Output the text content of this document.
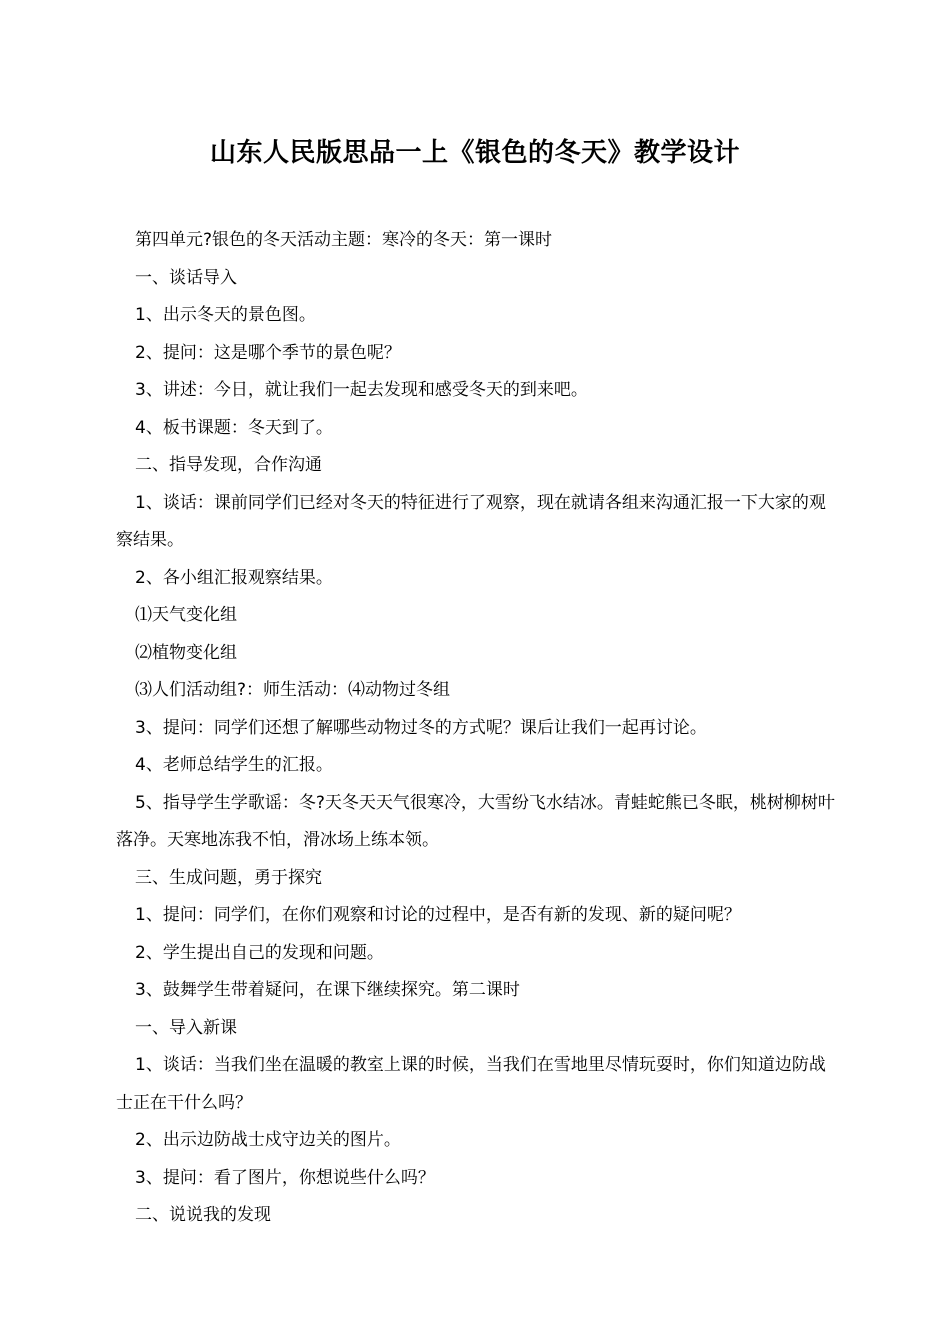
山东人民版思品一上《银色的冬天》教学设计

第四单元?银色的冬天活动主题：寒冷的冬天：第一课时

一、谈话导入

1、出示冬天的景色图。

2、提问：这是哪个季节的景色呢？

3、讲述：今日，就让我们一起去发现和感受冬天的到来吧。

4、板书课题：冬天到了。

二、指导发现，合作沟通

1、谈话：课前同学们已经对冬天的特征进行了观察，现在就请各组来沟通汇报一下大家的观察结果。

2、各小组汇报观察结果。

⑴天气变化组

⑵植物变化组

⑶人们活动组?：师生活动：⑷动物过冬组

3、提问：同学们还想了解哪些动物过冬的方式呢？课后让我们一起再讨论。

4、老师总结学生的汇报。

5、指导学生学歌谣：冬?天冬天天气很寒冷，大雪纷飞水结冰。青蛙蛇熊已冬眠，桃树柳树叶落净。天寒地冻我不怕，滑冰场上练本领。

三、生成问题，勇于探究

1、提问：同学们，在你们观察和讨论的过程中，是否有新的发现、新的疑问呢？

2、学生提出自己的发现和问题。

3、鼓舞学生带着疑问，在课下继续探究。第二课时

一、导入新课

1、谈话：当我们坐在温暖的教室上课的时候，当我们在雪地里尽情玩耍时，你们知道边防战士正在干什么吗？

2、出示边防战士戍守边关的图片。

3、提问：看了图片，你想说些什么吗？

二、说说我的发现
